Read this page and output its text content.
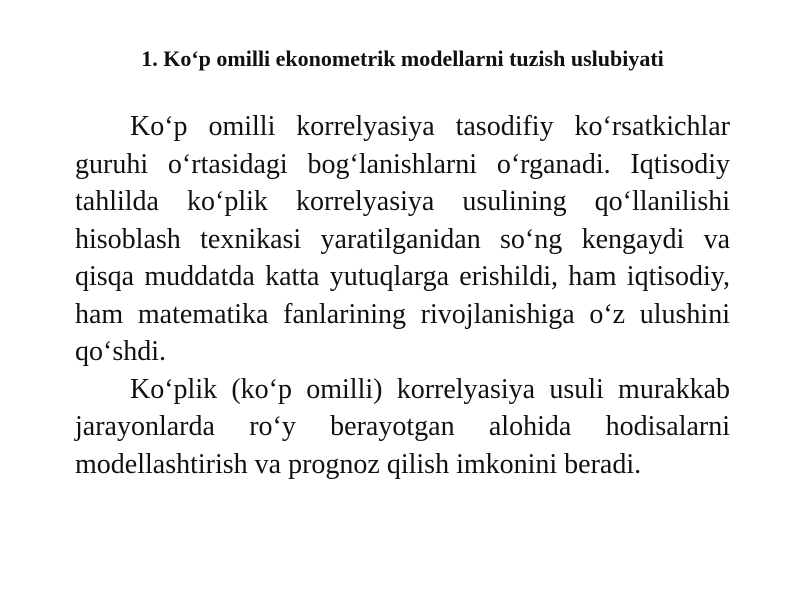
1. Ko‘p omilli ekonometrik modellarni tuzish uslubiyati

Ko‘p omilli korrelyasiya tasodifiy ko‘rsatkichlar guruhi o‘rtasidagi bog‘lanishlarni o‘rganadi. Iqtisodiy tahlilda ko‘plik korrelyasiya usulining qo‘llanilishi hisoblash texnikasi yaratilganidan so‘ng kengaydi va qisqa muddatda katta yutuqlarga erishildi, ham iqtisodiy, ham matematika fanlarining rivojlanishiga o‘z ulushini qo‘shdi.

Ko‘plik (ko‘p omilli) korrelyasiya usuli murakkab jarayonlarda ro‘y berayotgan alohida hodisalarni modellashtirish va prognoz qilish imkonini beradi.
